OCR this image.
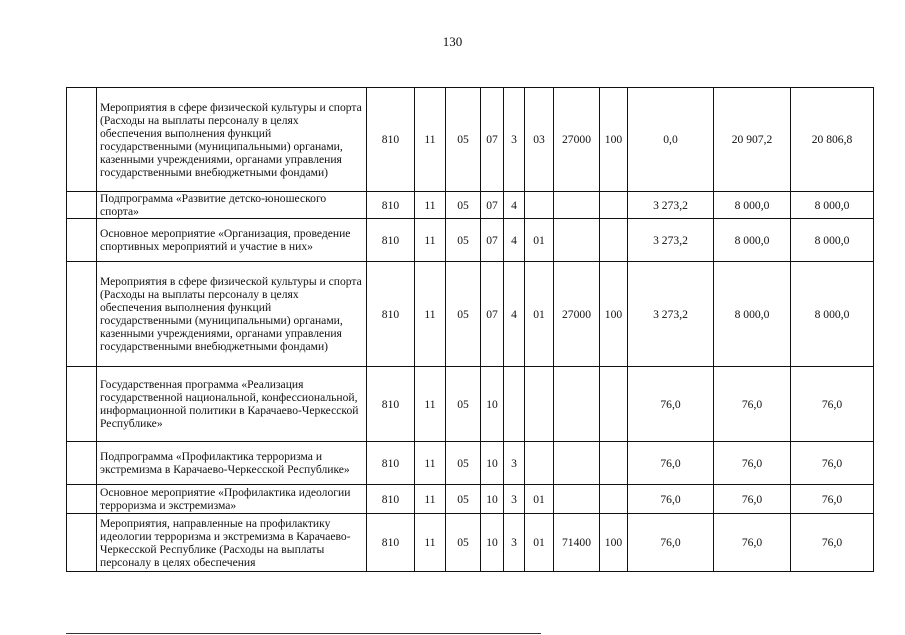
130
	Мероприятия в сфере физической культуры и спорта (Расходы на выплаты персоналу в целях обеспечения выполнения функций государственными (муниципальными) органами, казенными учреждениями, органами управления государственными внебюджетными фондами)	810	11	05	07	3	03	27000	100	0,0	20 907,2	20 806,8
	Подпрограмма «Развитие детско-юношеского спорта»	810	11	05	07	4				3 273,2	8 000,0	8 000,0
	Основное мероприятие «Организация, проведение спортивных мероприятий и участие в них»	810	11	05	07	4	01			3 273,2	8 000,0	8 000,0
	Мероприятия в сфере физической культуры и спорта (Расходы на выплаты персоналу в целях обеспечения выполнения функций государственными (муниципальными) органами, казенными учреждениями, органами управления государственными внебюджетными фондами)	810	11	05	07	4	01	27000	100	3 273,2	8 000,0	8 000,0
	Государственная программа «Реализация государственной национальной, конфессиональной, информационной политики в Карачаево-Черкесской Республике»	810	11	05	10					76,0	76,0	76,0
	Подпрограмма «Профилактика терроризма и экстремизма в Карачаево-Черкесской Республике»	810	11	05	10	3				76,0	76,0	76,0
	Основное мероприятие «Профилактика идеологии терроризма и экстремизма»	810	11	05	10	3	01			76,0	76,0	76,0
	Мероприятия, направленные на профилактику идеологии терроризма и экстремизма в Карачаево-Черкесской Республике (Расходы на выплаты персоналу в целях обеспечения	810	11	05	10	3	01	71400	100	76,0	76,0	76,0
